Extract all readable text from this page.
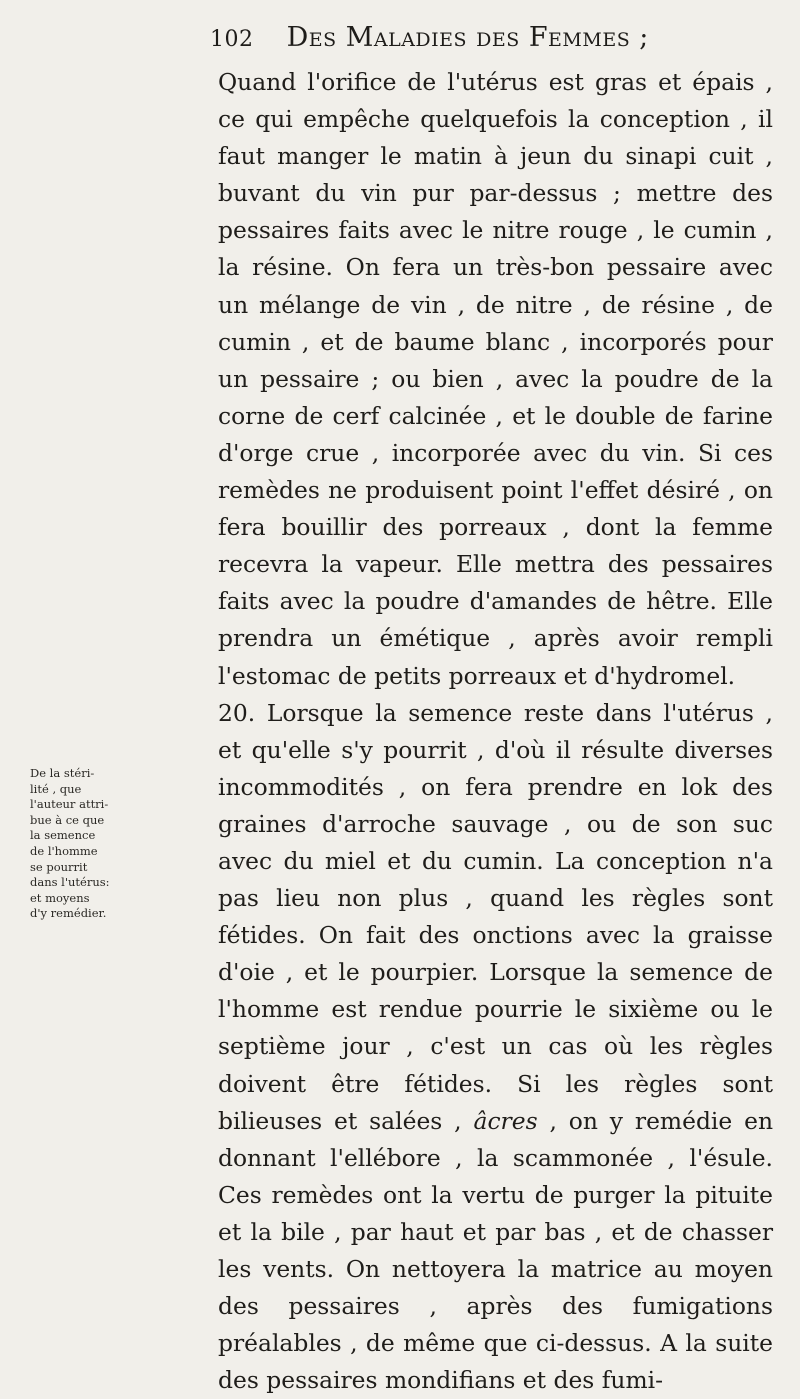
102 Des Maladies des Femmes ;
De la stéri-
lité , que
l'auteur attri-
bue à ce que
la semence
de l'homme
se pourrit
dans l'utérus:
et moyens
d'y remédier.

Quand l'orifice de l'utérus est gras et épais , ce qui empêche quelquefois la conception , il faut manger le matin à jeun du sinapi cuit , buvant du vin pur par-dessus ; mettre des pessaires faits avec le nitre rouge , le cumin , la résine. On fera un très-bon pessaire avec un mélange de vin , de nitre , de résine , de cumin , et de baume blanc , incorporés pour un pessaire ; ou bien , avec la poudre de la corne de cerf calcinée , et le double de farine d'orge crue , incorporée avec du vin. Si ces remèdes ne produisent point l'effet désiré , on fera bouillir des porreaux , dont la femme recevra la vapeur. Elle mettra des pessaires faits avec la poudre d'amandes de hêtre. Elle prendra un émétique , après avoir rempli l'estomac de petits porreaux et d'hydromel.

20. Lorsque la semence reste dans l'utérus , et qu'elle s'y pourrit , d'où il résulte diverses incommodités , on fera prendre en lok des graines d'arroche sauvage , ou de son suc avec du miel et du cumin. La conception n'a pas lieu non plus , quand les règles sont fétides. On fait des onctions avec la graisse d'oie , et le pourpier. Lorsque la semence de l'homme est rendue pourrie le sixième ou le septième jour , c'est un cas où les règles doivent être fétides. Si les règles sont bilieuses et salées , âcres , on y remédie en donnant l'ellébore , la scammonée , l'ésule. Ces remèdes ont la vertu de purger la pituite et la bile , par haut et par bas , et de chasser les vents. On nettoyera la matrice au moyen des pessaires , après des fumigations préalables , de même que ci-dessus. A la suite des pessaires mondifians et des fumi-
